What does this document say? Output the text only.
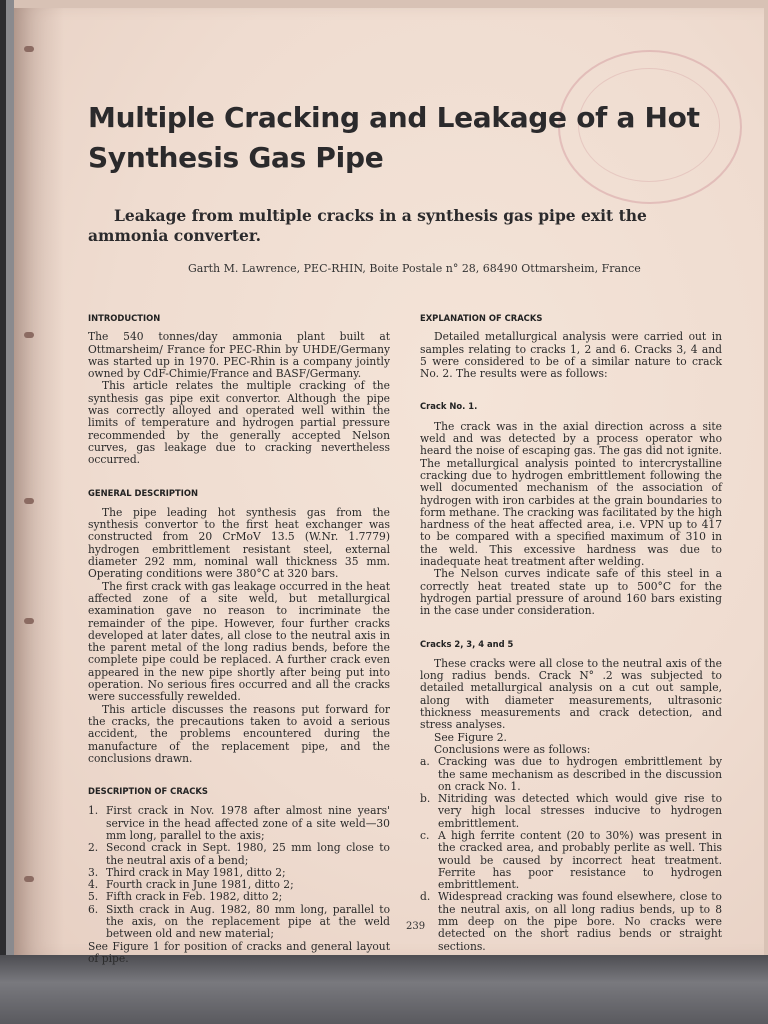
Multiple Cracking and Leakage of a Hot Synthesis Gas Pipe

Leakage from multiple cracks in a synthesis gas pipe exit the ammonia converter.

Garth M. Lawrence, PEC-RHIN, Boite Postale n° 28, 68490 Ottmarsheim, France
INTRODUCTION

The 540 tonnes/day ammonia plant built at Ottmarsheim/ France for PEC-Rhin by UHDE/Germany was started up in 1970. PEC-Rhin is a company jointly owned by CdF-Chimie/France and BASF/Germany.

This article relates the multiple cracking of the synthesis gas pipe exit convertor. Although the pipe was correctly alloyed and operated well within the limits of temperature and hydrogen partial pressure recommended by the generally accepted Nelson curves, gas leakage due to cracking nevertheless occurred.

GENERAL DESCRIPTION

The pipe leading hot synthesis gas from the synthesis convertor to the first heat exchanger was constructed from 20 CrMoV 13.5 (W.Nr. 1.7779) hydrogen embrittlement resistant steel, external diameter 292 mm, nominal wall thickness 35 mm. Operating conditions were 380°C at 320 bars.

The first crack with gas leakage occurred in the heat affected zone of a site weld, but metallurgical examination gave no reason to incriminate the remainder of the pipe. However, four further cracks developed at later dates, all close to the neutral axis in the parent metal of the long radius bends, before the complete pipe could be replaced. A further crack even appeared in the new pipe shortly after being put into operation. No serious fires occurred and all the cracks were successfully rewelded.

This article discusses the reasons put forward for the cracks, the precautions taken to avoid a serious accident, the problems encountered during the manufacture of the replacement pipe, and the conclusions drawn.

DESCRIPTION OF CRACKS
1. First crack in Nov. 1978 after almost nine years' service in the head affected zone of a site weld—30 mm long, parallel to the axis;
2. Second crack in Sept. 1980, 25 mm long close to the neutral axis of a bend;
3. Third crack in May 1981, ditto 2;
4. Fourth crack in June 1981, ditto 2;
5. Fifth crack in Feb. 1982, ditto 2;
6. Sixth crack in Aug. 1982, 80 mm long, parallel to the axis, on the replacement pipe at the weld between old and new material;

See Figure 1 for position of cracks and general layout of pipe.

EXPLANATION OF CRACKS

Detailed metallurgical analysis were carried out in samples relating to cracks 1, 2 and 6. Cracks 3, 4 and 5 were considered to be of a similar nature to crack No. 2. The results were as follows:

Crack No. 1.

The crack was in the axial direction across a site weld and was detected by a process operator who heard the noise of escaping gas. The gas did not ignite. The metallurgical analysis pointed to intercrystalline cracking due to hydrogen embrittlement following the well documented mechanism of the association of hydrogen with iron carbides at the grain boundaries to form methane. The cracking was facilitated by the high hardness of the heat affected area, i.e. VPN up to 417 to be compared with a specified maximum of 310 in the weld. This excessive hardness was due to inadequate heat treatment after welding.

The Nelson curves indicate safe of this steel in a correctly heat treated state up to 500°C for the hydrogen partial pressure of around 160 bars existing in the case under consideration.

Cracks 2, 3, 4 and 5

These cracks were all close to the neutral axis of the long radius bends. Crack N° .2 was subjected to detailed metallurgical analysis on a cut out sample, along with diameter measurements, ultrasonic thickness measurements and crack detection, and stress analyses.

See Figure 2.

Conclusions were as follows:

a. Cracking was due to hydrogen embrittlement by the same mechanism as described in the discussion on crack No. 1.
b. Nitriding was detected which would give rise to very high local stresses inducive to hydrogen embrittlement.
c. A high ferrite content (20 to 30%) was present in the cracked area, and probably perlite as well. This would be caused by incorrect heat treatment. Ferrite has poor resistance to hydrogen embrittlement.
d. Widespread cracking was found elsewhere, close to the neutral axis, on all long radius bends, up to 8 mm deep on the pipe bore. No cracks were detected on the short radius bends or straight sections.
239
